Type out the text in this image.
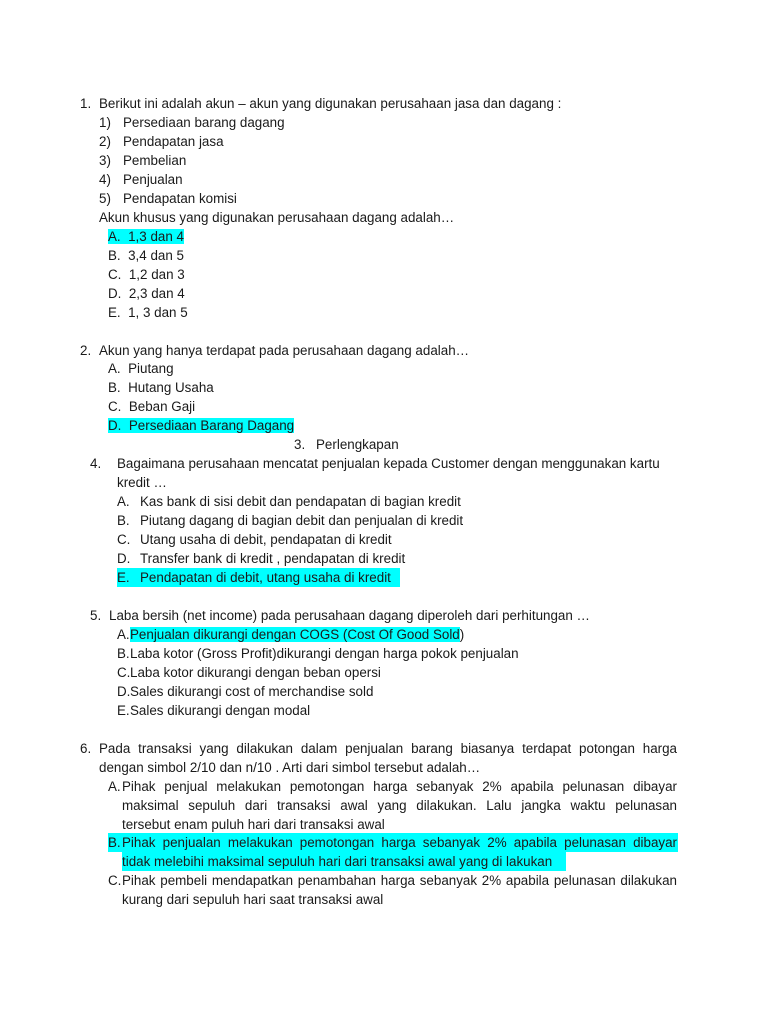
1. Berikut ini adalah akun – akun yang digunakan perusahaan jasa dan dagang :
1) Persediaan barang dagang
2) Pendapatan jasa
3) Pembelian
4) Penjualan
5) Pendapatan komisi
Akun khusus yang digunakan perusahaan dagang adalah…
A. 1,3 dan 4
B. 3,4 dan 5
C. 1,2 dan 3
D. 2,3 dan 4
E. 1, 3 dan 5
2. Akun yang hanya terdapat pada perusahaan dagang adalah…
A. Piutang
B. Hutang Usaha
C. Beban Gaji
D. Persediaan Barang Dagang
3. Perlengkapan
4. Bagaimana perusahaan mencatat penjualan kepada Customer dengan menggunakan kartu
kredit …
A. Kas bank di sisi debit dan pendapatan di bagian kredit
B. Piutang dagang di bagian debit dan penjualan di kredit
C. Utang usaha di debit, pendapatan di kredit
D. Transfer bank di kredit , pendapatan di kredit
E. Pendapatan di debit, utang usaha di kredit
5. Laba bersih (net income) pada perusahaan dagang diperoleh dari perhitungan …
A. Penjualan dikurangi dengan COGS (Cost Of Good Sold)
B. Laba kotor (Gross Profit)dikurangi dengan harga pokok penjualan
C. Laba kotor dikurangi dengan beban opersi
D. Sales dikurangi cost of merchandise sold
E. Sales dikurangi dengan modal
6. Pada transaksi yang dilakukan dalam penjualan barang biasanya terdapat potongan harga
dengan simbol 2/10 dan n/10 . Arti dari simbol tersebut adalah…
A. Pihak penjual melakukan pemotongan harga sebanyak 2% apabila pelunasan dibayar
maksimal sepuluh dari transaksi awal yang dilakukan. Lalu jangka waktu pelunasan
tersebut enam puluh hari dari transaksi awal
B. Pihak penjualan melakukan pemotongan harga sebanyak 2% apabila pelunasan dibayar
tidak melebihi maksimal sepuluh hari dari transaksi awal yang di lakukan
C. Pihak pembeli mendapatkan penambahan harga sebanyak 2% apabila pelunasan dilakukan
kurang dari sepuluh hari saat transaksi awal
